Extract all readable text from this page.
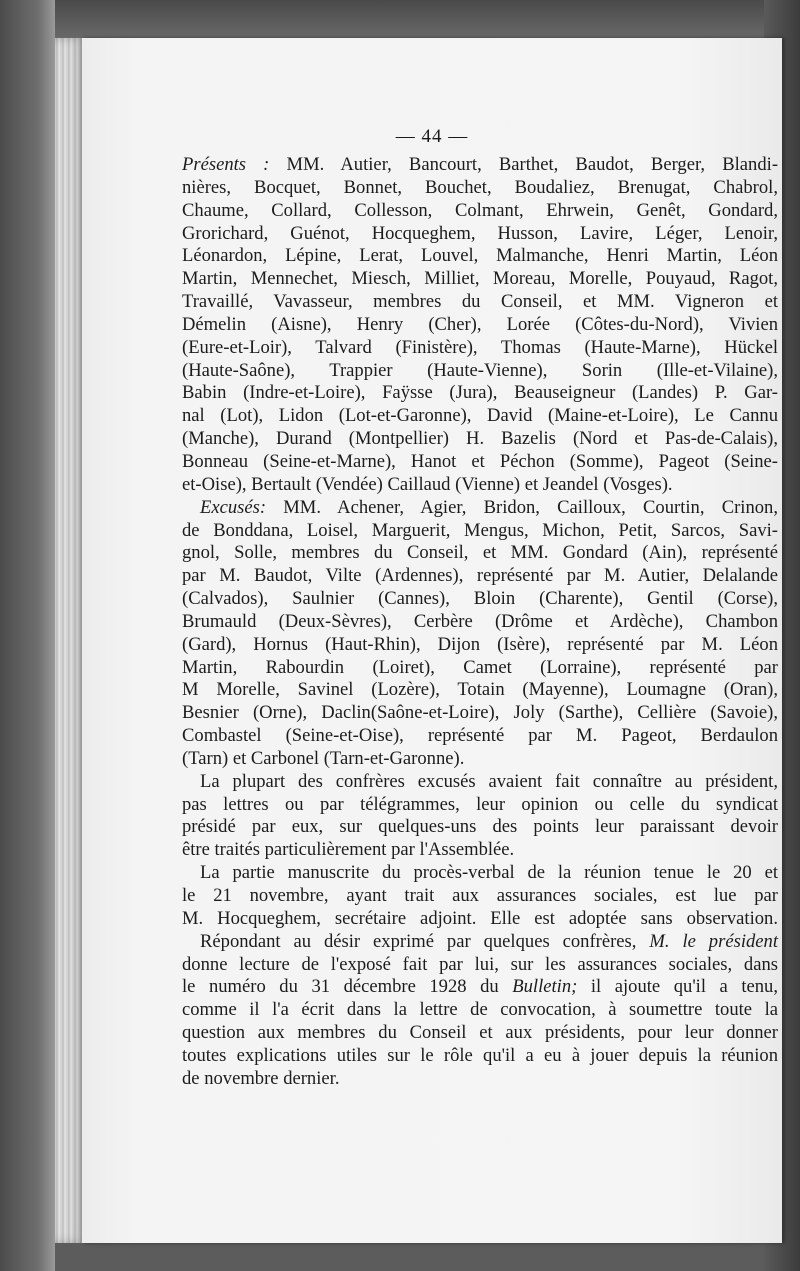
— 44 —
Présents : MM. Autier, Bancourt, Barthet, Baudot, Berger, Blandi-
nières, Bocquet, Bonnet, Bouchet, Boudaliez, Brenugat, Chabrol,
Chaume, Collard, Collesson, Colmant, Ehrwein, Genêt, Gondard,
Grorichard, Guénot, Hocqueghem, Husson, Lavire, Léger, Lenoir,
Léonardon, Lépine, Lerat, Louvel, Malmanche, Henri Martin, Léon
Martin, Mennechet, Miesch, Milliet, Moreau, Morelle, Pouyaud, Ragot,
Travaillé, Vavasseur, membres du Conseil, et MM. Vigneron et
Démelin (Aisne), Henry (Cher), Lorée (Côtes-du-Nord), Vivien
(Eure-et-Loir), Talvard (Finistère), Thomas (Haute-Marne), Hückel
(Haute-Saône), Trappier (Haute-Vienne), Sorin (Ille-et-Vilaine),
Babin (Indre-et-Loire), Faÿsse (Jura), Beauseigneur (Landes) P. Gar-
nal (Lot), Lidon (Lot-et-Garonne), David (Maine-et-Loire), Le Cannu
(Manche), Durand (Montpellier) H. Bazelis (Nord et Pas-de-Calais),
Bonneau (Seine-et-Marne), Hanot et Péchon (Somme), Pageot (Seine-
et-Oise), Bertault (Vendée) Caillaud (Vienne) et Jeandel (Vosges).
Excusés: MM. Achener, Agier, Bridon, Cailloux, Courtin, Crinon,
de Bonddana, Loisel, Marguerit, Mengus, Michon, Petit, Sarcos, Savi-
gnol, Solle, membres du Conseil, et MM. Gondard (Ain), représenté
par M. Baudot, Vilte (Ardennes), représenté par M. Autier, Delalande
(Calvados), Saulnier (Cannes), Bloin (Charente), Gentil (Corse),
Brumauld (Deux-Sèvres), Cerbère (Drôme et Ardèche), Chambon
(Gard), Hornus (Haut-Rhin), Dijon (Isère), représenté par M. Léon
Martin, Rabourdin (Loiret), Camet (Lorraine), représenté par
M Morelle, Savinel (Lozère), Totain (Mayenne), Loumagne (Oran),
Besnier (Orne), Daclin(Saône-et-Loire), Joly (Sarthe), Cellière (Savoie),
Combastel (Seine-et-Oise), représenté par M. Pageot, Berdaulon
(Tarn) et Carbonel (Tarn-et-Garonne).
La plupart des confrères excusés avaient fait connaître au président,
pas lettres ou par télégrammes, leur opinion ou celle du syndicat
présidé par eux, sur quelques-uns des points leur paraissant devoir
être traités particulièrement par l'Assemblée.
La partie manuscrite du procès-verbal de la réunion tenue le 20 et
le 21 novembre, ayant trait aux assurances sociales, est lue par
M. Hocqueghem, secrétaire adjoint. Elle est adoptée sans observation.
Répondant au désir exprimé par quelques confrères, M. le président
donne lecture de l'exposé fait par lui, sur les assurances sociales, dans
le numéro du 31 décembre 1928 du Bulletin; il ajoute qu'il a tenu,
comme il l'a écrit dans la lettre de convocation, à soumettre toute la
question aux membres du Conseil et aux présidents, pour leur donner
toutes explications utiles sur le rôle qu'il a eu à jouer depuis la réunion
de novembre dernier.
